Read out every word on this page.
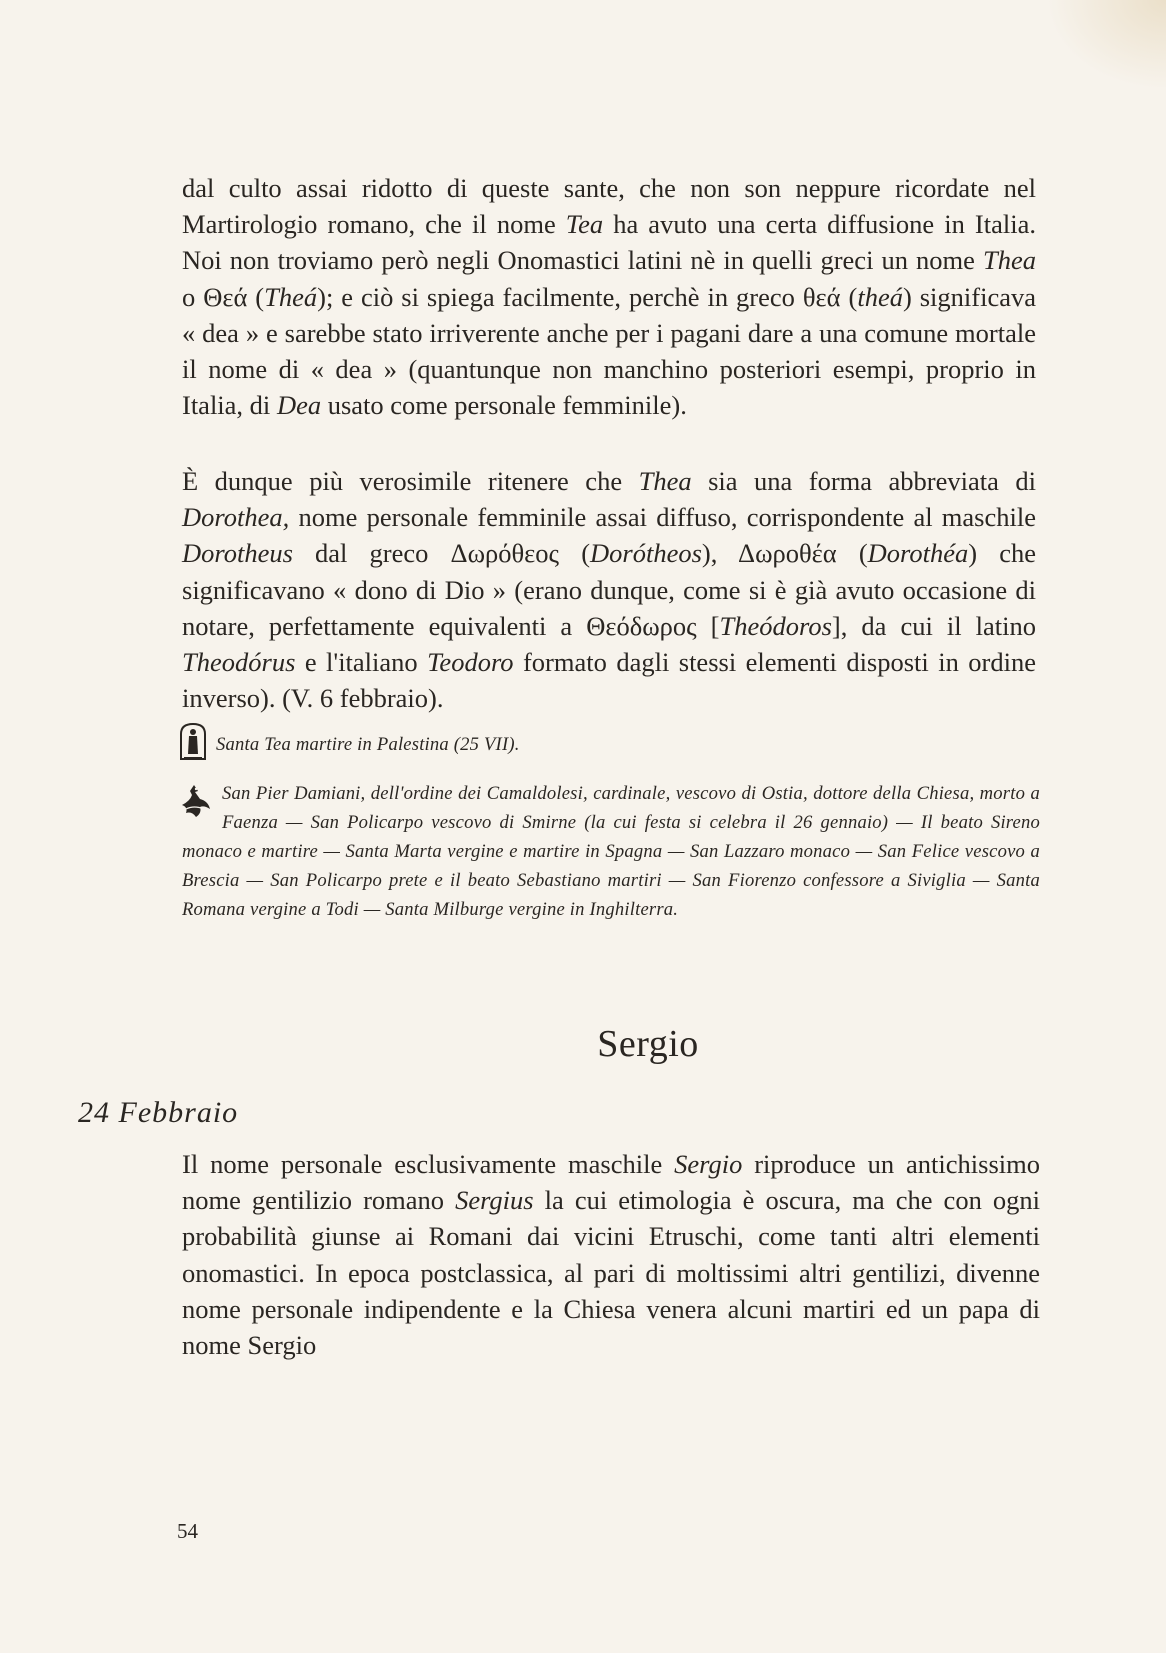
dal culto assai ridotto di queste sante, che non son neppure ricordate nel Martirologio romano, che il nome Tea ha avuto una certa diffusione in Italia. Noi non troviamo però negli Onomastici latini nè in quelli greci un nome Thea o Θεά (Theá); e ciò si spiega facilmente, perchè in greco θεά (theá) significava « dea » e sarebbe stato irriverente anche per i pagani dare a una comune mortale il nome di « dea » (quantunque non manchino posteriori esempi, proprio in Italia, di Dea usato come personale femminile).

È dunque più verosimile ritenere che Thea sia una forma abbreviata di Dorothea, nome personale femminile assai diffuso, corrispondente al maschile Dorotheus dal greco Δωρόθεος (Doróthеos), Δωροθέα (Dorothéa) che significavano « dono di Dio » (erano dunque, come si è già avuto occasione di notare, perfettamente equivalenti a Θεόδωρος [Theódoros], da cui il latino Theodórus e l'italiano Teodoro formato dagli stessi elementi disposti in ordine inverso). (V. 6 febbraio).

Santa Tea martire in Palestina (25 VII).

San Pier Damiani, dell'ordine dei Camaldolesi, cardinale, vescovo di Ostia, dottore della Chiesa, morto a Faenza — San Policarpo vescovo di Smirne (la cui festa si celebra il 26 gennaio) — Il beato Sireno monaco e martire — Santa Marta vergine e martire in Spagna — San Lazzaro monaco — San Felice vescovo a Brescia — San Policarpo prete e il beato Sebastiano martiri — San Fiorenzo confessore a Siviglia — Santa Romana vergine a Todi — Santa Milburge vergine in Inghilterra.

Sergio
24 Febbraio

Il nome personale esclusivamente maschile Sergio riproduce un antichissimo nome gentilizio romano Sergius la cui etimologia è oscura, ma che con ogni probabilità giunse ai Romani dai vicini Etruschi, come tanti altri elementi onomastici. In epoca postclassica, al pari di moltissimi altri gentilizi, divenne nome personale indipendente e la Chiesa venera alcuni martiri ed un papa di nome Sergio

54
